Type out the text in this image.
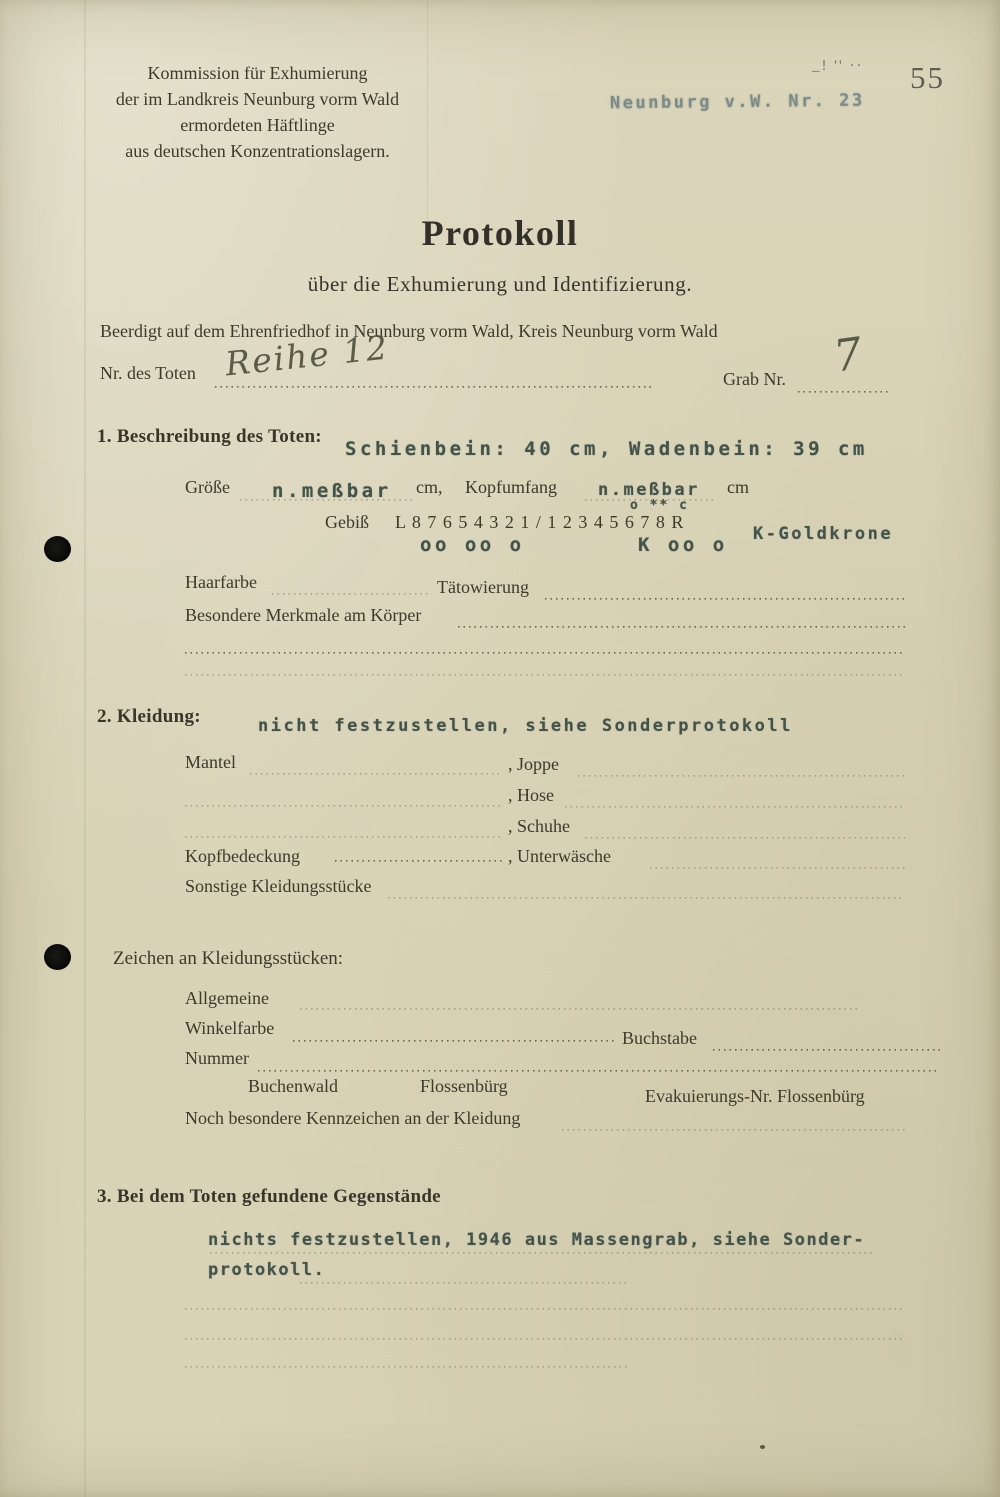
Kommission für Exhumierung
der im Landkreis Neunburg vorm Wald
ermordeten Häftlinge
aus deutschen Konzentrationslagern.
_! '' ·· 55
Neunburg v.W. Nr. 23
Protokoll
über die Exhumierung und Identifizierung.
Beerdigt auf dem Ehrenfriedhof in Neunburg vorm Wald, Kreis Neunburg vorm Wald
Nr. des Toten Reihe 12	Grab Nr. 7
1. Beschreibung des Toten:
Schienbein: 40 cm, Wadenbein: 39 cm
Größe n.meßbar cm, Kopfumfang n.meßbar cm
Gebiß L 8 7 6 5 4 3 2 1 / 1 2 3 4 5 6 7 8 R
o ** c
oo oo o	K oo o K-Goldkrone
Haarfarbe	Tätowierung
Besondere Merkmale am Körper
2. Kleidung:	nicht festzustellen, siehe Sonderprotokoll
Mantel	, Joppe
, Hose
, Schuhe
Kopfbedeckung	, Unterwäsche
Sonstige Kleidungsstücke
Zeichen an Kleidungsstücken:
Allgemeine
Winkelfarbe	Buchstabe
Nummer
Buchenwald	Flossenbürg	Evakuierungs-Nr. Flossenbürg
Noch besondere Kennzeichen an der Kleidung
3. Bei dem Toten gefundene Gegenstände
nichts festzustellen, 1946 aus Massengrab, siehe Sonder-
protokoll.
